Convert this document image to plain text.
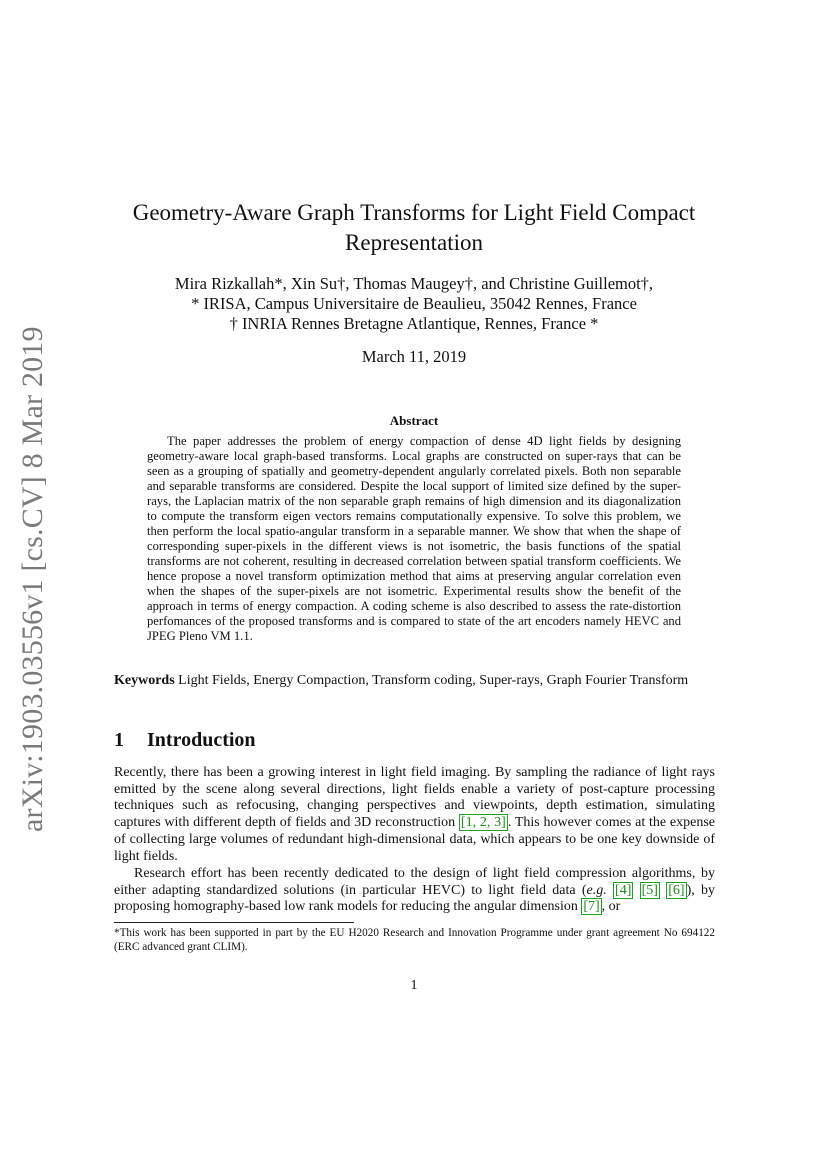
arXiv:1903.03556v1 [cs.CV] 8 Mar 2019
Geometry-Aware Graph Transforms for Light Field Compact Representation
Mira Rizkallah*, Xin Su†, Thomas Maugey†, and Christine Guillemot†,
* IRISA, Campus Universitaire de Beaulieu, 35042 Rennes, France
† INRIA Rennes Bretagne Atlantique, Rennes, France *
March 11, 2019
Abstract

The paper addresses the problem of energy compaction of dense 4D light fields by designing geometry-aware local graph-based transforms. Local graphs are constructed on super-rays that can be seen as a grouping of spatially and geometry-dependent angularly correlated pixels. Both non separable and separable transforms are considered. Despite the local support of limited size defined by the super-rays, the Laplacian matrix of the non separable graph remains of high dimension and its diagonalization to compute the transform eigen vectors remains computationally expensive. To solve this problem, we then perform the local spatio-angular transform in a separable manner. We show that when the shape of corresponding super-pixels in the different views is not isometric, the basis functions of the spatial transforms are not coherent, resulting in decreased correlation between spatial transform coefficients. We hence propose a novel transform optimization method that aims at preserving angular correlation even when the shapes of the super-pixels are not isometric. Experimental results show the benefit of the approach in terms of energy compaction. A coding scheme is also described to assess the rate-distortion perfomances of the proposed transforms and is compared to state of the art encoders namely HEVC and JPEG Pleno VM 1.1.

Keywords Light Fields, Energy Compaction, Transform coding, Super-rays, Graph Fourier Transform

1 Introduction

Recently, there has been a growing interest in light field imaging. By sampling the radiance of light rays emitted by the scene along several directions, light fields enable a variety of post-capture processing techniques such as refocusing, changing perspectives and viewpoints, depth estimation, simulating captures with different depth of fields and 3D reconstruction [1, 2, 3] . This however comes at the expense of collecting large volumes of redundant high-dimensional data, which appears to be one key downside of light fields.

Research effort has been recently dedicated to the design of light field compression algorithms, by either adapting standardized solutions (in particular HEVC) to light field data (e.g. [4] [5] [6] ), by proposing homography-based low rank models for reducing the angular dimension [7] , or

*This work has been supported in part by the EU H2020 Research and Innovation Programme under grant agreement No 694122 (ERC advanced grant CLIM).

1
